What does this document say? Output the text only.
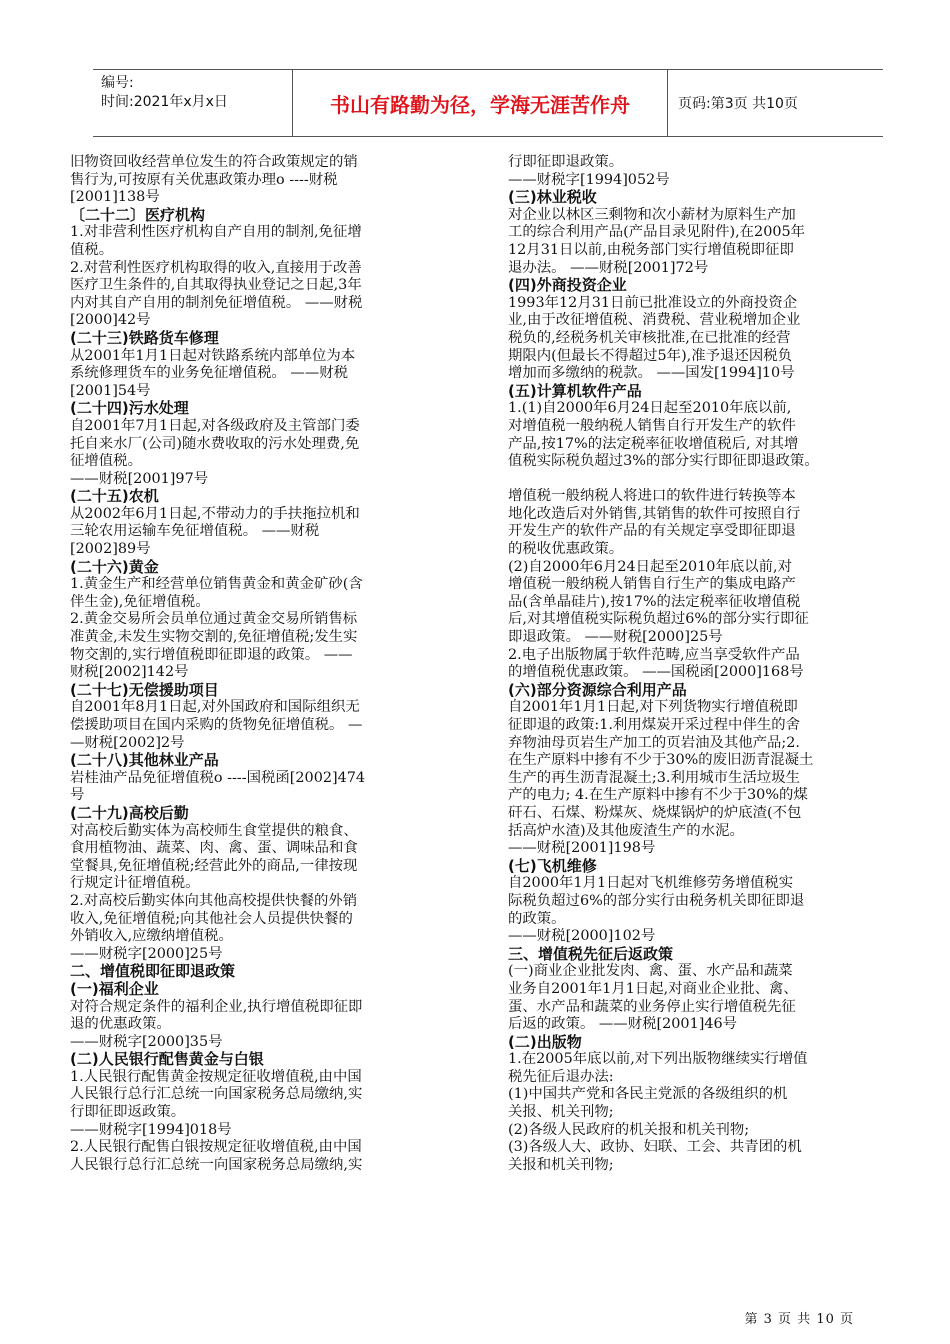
编号:
时间:2021年x月x日	书山有路勤为径，学海无涯苦作舟	页码:第3页 共10页

旧物资回收经营单位发生的符合政策规定的销

售行为,可按原有关优惠政策办理o ----财税

[2001]138号

〔二十二〕医疗机构

1.对非营利性医疗机构自产自用的制剂,免征增

值税。

2.对营利性医疗机构取得的收入,直接用于改善

医疗卫生条件的,自其取得执业登记之日起,3年

内对其自产自用的制剂免征增值税。 ——财税

[2000]42号

(二十三)铁路货车修理

从2001年1月1日起对铁路系统内部单位为本

系统修理货车的业务免征增值税。 ——财税

[2001]54号

(二十四)污水处理

自2001年7月1日起,对各级政府及主管部门委

托自来水厂(公司)随水费收取的污水处理费,免

征增值税。

——财税[2001]97号

(二十五)农机

从2002年6月1日起,不带动力的手扶拖拉机和

三轮农用运输车免征增值税。 ——财税

[2002]89号

(二十六)黄金

1.黄金生产和经营单位销售黄金和黄金矿砂(含

伴生金),免征增值税。

2.黄金交易所会员单位通过黄金交易所销售标

准黄金,未发生实物交割的,免征增值税;发生实

物交割的,实行增值税即征即退的政策。 ——

财税[2002]142号

(二十七)无偿援助项目

自2001年8月1日起,对外国政府和国际组织无

偿援助项目在国内采购的货物免征增值税。 —

—财税[2002]2号

(二十八)其他林业产品

岩桂油产品免征增值税o ----国税函[2002]474

号

(二十九)高校后勤

对高校后勤实体为高校师生食堂提供的粮食、

食用植物油、蔬菜、肉、禽、蛋、调味品和食

堂餐具,免征增值税;经营此外的商品,一律按现

行规定计征增值税。

2.对高校后勤实体向其他高校提供快餐的外销

收入,免征增值税;向其他社会人员提供快餐的

外销收入,应缴纳增值税。

——财税字[2000]25号

二、增值税即征即退政策

(一)福利企业

对符合规定条件的福利企业,执行增值税即征即

退的优惠政策。

——财税字[2000]35号

(二)人民银行配售黄金与白银

1.人民银行配售黄金按规定征收增值税,由中国

人民银行总行汇总统一向国家税务总局缴纳,实

行即征即返政策。

——财税字[1994]018号

2.人民银行配售白银按规定征收增值税,由中国

人民银行总行汇总统一向国家税务总局缴纳,实

行即征即退政策。

——财税字[1994]052号

(三)林业税收

对企业以林区三剩物和次小薪材为原料生产加

工的综合利用产品(产品目录见附件),在2005年

12月31日以前,由税务部门实行增值税即征即

退办法。 ——财税[2001]72号

(四)外商投资企业

1993年12月31日前已批准设立的外商投资企

业,由于改征增值税、消费税、营业税增加企业

税负的,经税务机关审核批准,在已批准的经营

期限内(但最长不得超过5年),准予退还因税负

增加而多缴纳的税款。 ——国发[1994]10号

(五)计算机软件产品

1.(1)自2000年6月24日起至2010年底以前,

对增值税一般纳税人销售自行开发生产的软件

产品,按17%的法定税率征收增值税后, 对其增

值税实际税负超过3%的部分实行即征即退政策。

增值税一般纳税人将进口的软件进行转换等本

地化改造后对外销售,其销售的软件可按照自行

开发生产的软件产品的有关规定享受即征即退

的税收优惠政策。

(2)自2000年6月24日起至2010年底以前,对

增值税一般纳税人销售自行生产的集成电路产

品(含单晶硅片),按17%的法定税率征收增值税

后,对其增值税实际税负超过6%的部分实行即征

即退政策。 ——财税[2000]25号

2.电子出版物属于软件范畴,应当享受软件产品

的增值税优惠政策。 ——国税函[2000]168号

(六)部分资源综合利用产品

自2001年1月1日起,对下列货物实行增值税即

征即退的政策:1.利用煤炭开采过程中伴生的舍

弃物油母页岩生产加工的页岩油及其他产品;2.

在生产原料中掺有不少于30%的废旧沥青混凝土

生产的再生沥青混凝土;3.利用城市生活垃圾生

产的电力; 4.在生产原料中掺有不少于30%的煤

矸石、石煤、粉煤灰、烧煤锅炉的炉底渣(不包

括高炉水渣)及其他废渣生产的水泥。

——财税[2001]198号

(七)飞机维修

自2000年1月1日起对飞机维修劳务增值税实

际税负超过6%的部分实行由税务机关即征即退

的政策。

——财税[2000]102号

三、增值税先征后返政策

(一)商业企业批发肉、禽、蛋、水产品和蔬菜

业务自2001年1月1日起,对商业企业批、禽、

蛋、水产品和蔬菜的业务停止实行增值税先征

后返的政策。 ——财税[2001]46号

(二)出版物

1.在2005年底以前,对下列出版物继续实行增值

税先征后退办法:

(1)中国共产党和各民主党派的各级组织的机

关报、机关刊物;

(2)各级人民政府的机关报和机关刊物;

(3)各级人大、政协、妇联、工会、共青团的机

关报和机关刊物;

第 3 页 共 10 页
